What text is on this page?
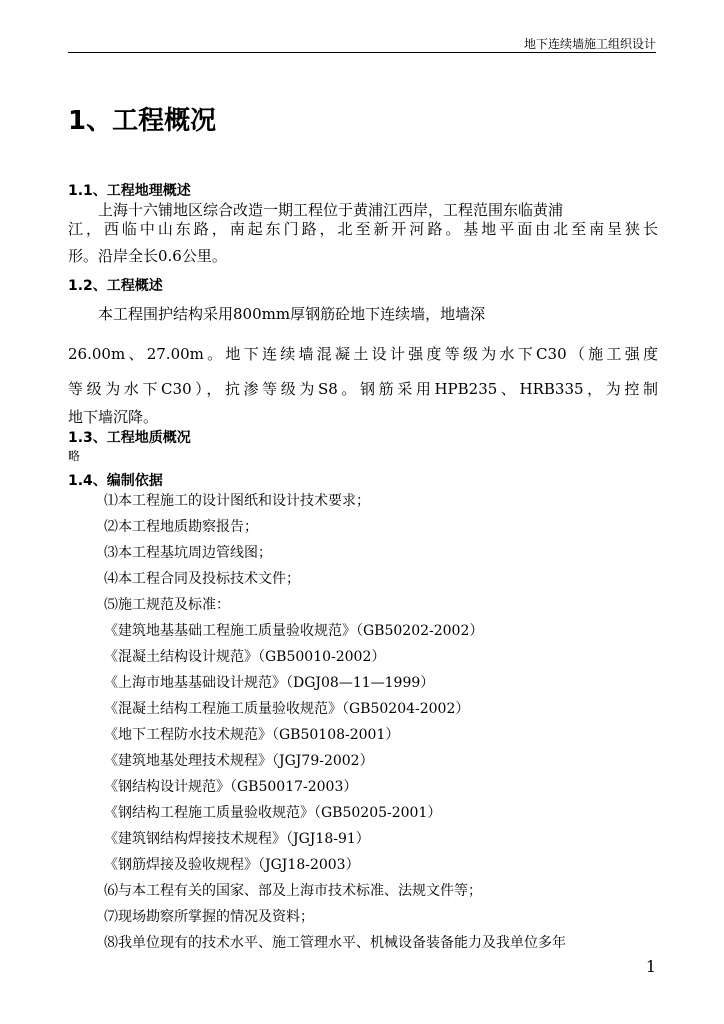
地下连续墙施工组织设计
1、工程概况
1.1、工程地理概述
上海十六铺地区综合改造一期工程位于黄浦江西岸，工程范围东临黄浦
江，西临中山东路，南起东门路，北至新开河路。基地平面由北至南呈狭长
形。沿岸全长0.6公里。
1.2、工程概述
本工程围护结构采用800mm厚钢筋砼地下连续墙，地墙深
26.00m、27.00m。地下连续墙混凝土设计强度等级为水下C30（施工强度
等级为水下C30），抗渗等级为S8。钢筋采用HPB235、HRB335，为控制
地下墙沉降。
1.3、工程地质概况
略
1.4、编制依据
⑴本工程施工的设计图纸和设计技术要求；
⑵本工程地质勘察报告；
⑶本工程基坑周边管线图；
⑷本工程合同及投标技术文件；
⑸施工规范及标准：
《建筑地基基础工程施工质量验收规范》（GB50202-2002）
《混凝土结构设计规范》（GB50010-2002）
《上海市地基基础设计规范》（DGJ08—11—1999）
《混凝土结构工程施工质量验收规范》（GB50204-2002）
《地下工程防水技术规范》（GB50108-2001）
《建筑地基处理技术规程》（JGJ79-2002）
《钢结构设计规范》（GB50017-2003）
《钢结构工程施工质量验收规范》（GB50205-2001）
《建筑钢结构焊接技术规程》（JGJ18-91）
《钢筋焊接及验收规程》（JGJ18-2003）
⑹与本工程有关的国家、部及上海市技术标准、法规文件等；
⑺现场勘察所掌握的情况及资料；
⑻我单位现有的技术水平、施工管理水平、机械设备装备能力及我单位多年
1
